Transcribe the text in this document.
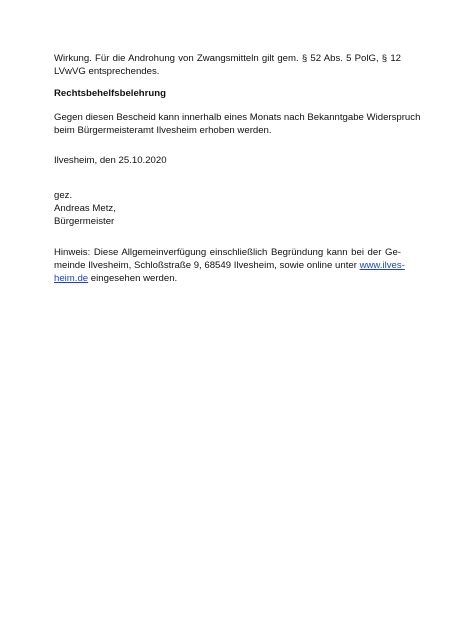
Wirkung. Für die Androhung von Zwangsmitteln gilt gem. § 52 Abs. 5 PolG, § 12
LVwVG entsprechendes.
Rechtsbehelfsbelehrung
Gegen diesen Bescheid kann innerhalb eines Monats nach Bekanntgabe Widerspruch
beim Bürgermeisteramt Ilvesheim erhoben werden.
Ilvesheim, den 25.10.2020
gez.
Andreas Metz,
Bürgermeister
Hinweis: Diese Allgemeinverfügung einschließlich Begründung kann bei der Ge-
meinde Ilvesheim, Schloßstraße 9, 68549 Ilvesheim, sowie online unter www.ilves-
heim.de eingesehen werden.
